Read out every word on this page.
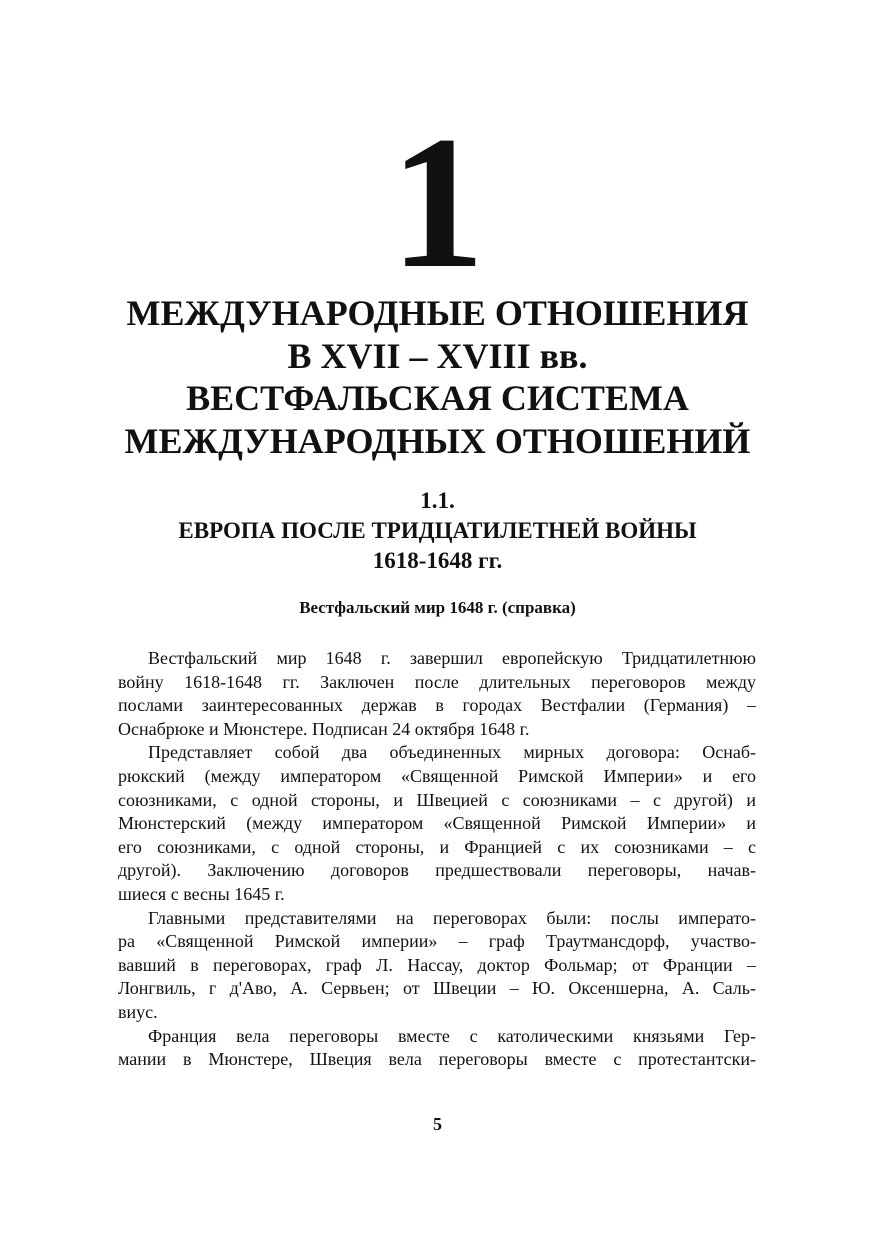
1
МЕЖДУНАРОДНЫЕ ОТНОШЕНИЯ
В XVII – XVIII вв.
ВЕСТФАЛЬСКАЯ СИСТЕМА
МЕЖДУНАРОДНЫХ ОТНОШЕНИЙ
1.1.
ЕВРОПА ПОСЛЕ ТРИДЦАТИЛЕТНЕЙ ВОЙНЫ
1618-1648 гг.
Вестфальский мир 1648 г. (справка)
Вестфальский мир 1648 г. завершил европейскую Тридцатилетнюю
войну 1618-1648 гг. Заключен после длительных переговоров между
послами заинтересованных держав в городах Вестфалии (Германия) –
Оснабрюке и Мюнстере. Подписан 24 октября 1648 г.
Представляет собой два объединенных мирных договора: Оснаб-
рюкский (между императором «Священной Римской Империи» и его
союзниками, с одной стороны, и Швецией с союзниками – с другой) и
Мюнстерский (между императором «Священной Римской Империи» и
его союзниками, с одной стороны, и Францией с их союзниками – с
другой). Заключению договоров предшествовали переговоры, начав-
шиеся с весны 1645 г.
Главными представителями на переговорах были: послы императо-
ра «Священной Римской империи» – граф Траутмансдорф, участво-
вавший в переговорах, граф Л. Нассау, доктор Фольмар; от Франции –
Лонгвиль, г д'Аво, А. Сервьен; от Швеции – Ю. Оксеншерна, А. Саль-
виус.
Франция вела переговоры вместе с католическими князьями Гер-
мании в Мюнстере, Швеция вела переговоры вместе с протестантски-
5
